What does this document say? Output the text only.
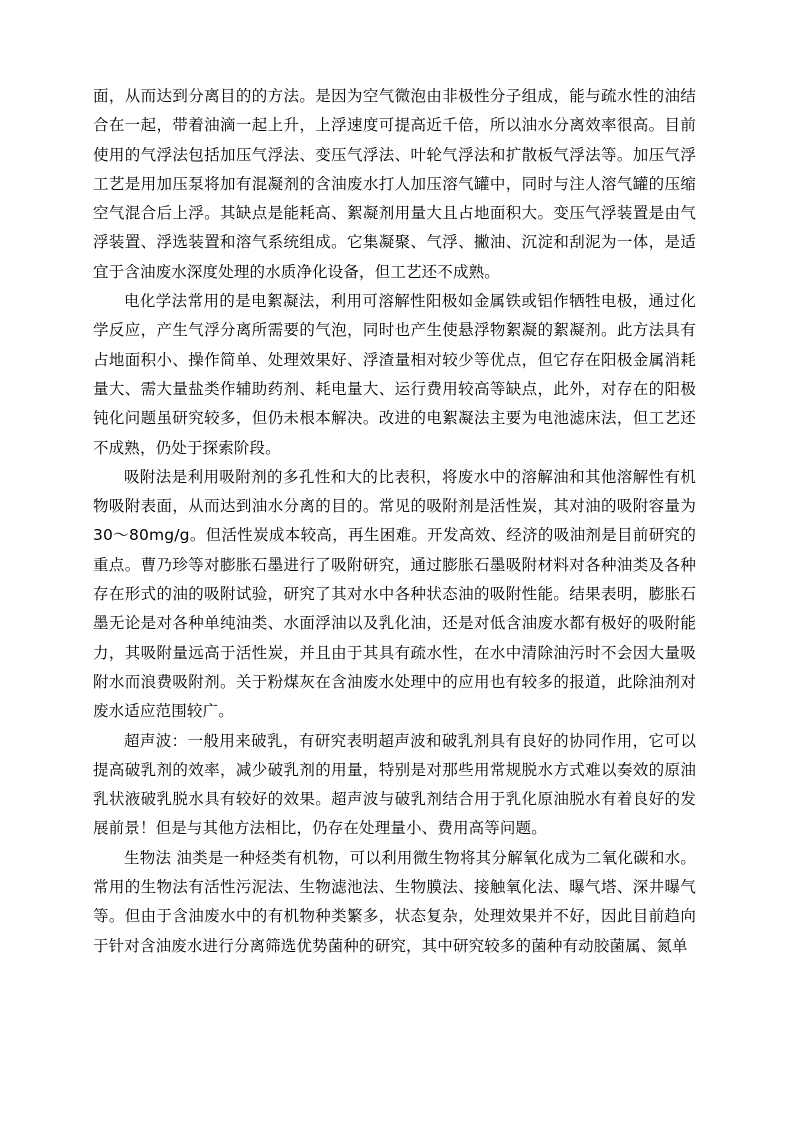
面，从而达到分离目的的方法。是因为空气微泡由非极性分子组成，能与疏水性的油结合在一起，带着油滴一起上升，上浮速度可提高近千倍，所以油水分离效率很高。目前使用的气浮法包括加压气浮法、变压气浮法、叶轮气浮法和扩散板气浮法等。加压气浮工艺是用加压泵将加有混凝剂的含油废水打人加压溶气罐中，同时与注人溶气罐的压缩空气混合后上浮。其缺点是能耗高、絮凝剂用量大且占地面积大。变压气浮装置是由气浮装置、浮选装置和溶气系统组成。它集凝聚、气浮、撇油、沉淀和刮泥为一体，是适宜于含油废水深度处理的水质净化设备，但工艺还不成熟。

电化学法常用的是电絮凝法，利用可溶解性阳极如金属铁或铝作牺牲电极，通过化学反应，产生气浮分离所需要的气泡，同时也产生使悬浮物絮凝的絮凝剂。此方法具有占地面积小、操作简单、处理效果好、浮渣量相对较少等优点，但它存在阳极金属消耗量大、需大量盐类作辅助药剂、耗电量大、运行费用较高等缺点，此外，对存在的阳极钝化问题虽研究较多，但仍未根本解决。改进的电絮凝法主要为电池滤床法，但工艺还不成熟，仍处于探索阶段。

吸附法是利用吸附剂的多孔性和大的比表积，将废水中的溶解油和其他溶解性有机物吸附表面，从而达到油水分离的目的。常见的吸附剂是活性炭，其对油的吸附容量为30～80mg/g。但活性炭成本较高，再生困难。开发高效、经济的吸油剂是目前研究的重点。曹乃珍等对膨胀石墨进行了吸附研究，通过膨胀石墨吸附材料对各种油类及各种存在形式的油的吸附试验，研究了其对水中各种状态油的吸附性能。结果表明，膨胀石墨无论是对各种单纯油类、水面浮油以及乳化油，还是对低含油废水都有极好的吸附能力，其吸附量远高于活性炭，并且由于其具有疏水性，在水中清除油污时不会因大量吸附水而浪费吸附剂。关于粉煤灰在含油废水处理中的应用也有较多的报道，此除油剂对废水适应范围较广。

超声波：一般用来破乳，有研究表明超声波和破乳剂具有良好的协同作用，它可以提高破乳剂的效率，减少破乳剂的用量，特别是对那些用常规脱水方式难以奏效的原油乳状液破乳脱水具有较好的效果。超声波与破乳剂结合用于乳化原油脱水有着良好的发展前景！但是与其他方法相比，仍存在处理量小、费用高等问题。

生物法 油类是一种烃类有机物，可以利用微生物将其分解氧化成为二氧化碳和水。常用的生物法有活性污泥法、生物滤池法、生物膜法、接触氧化法、曝气塔、深井曝气等。但由于含油废水中的有机物种类繁多，状态复杂，处理效果并不好，因此目前趋向于针对含油废水进行分离筛选优势菌种的研究，其中研究较多的菌种有动胶菌属、氮单
